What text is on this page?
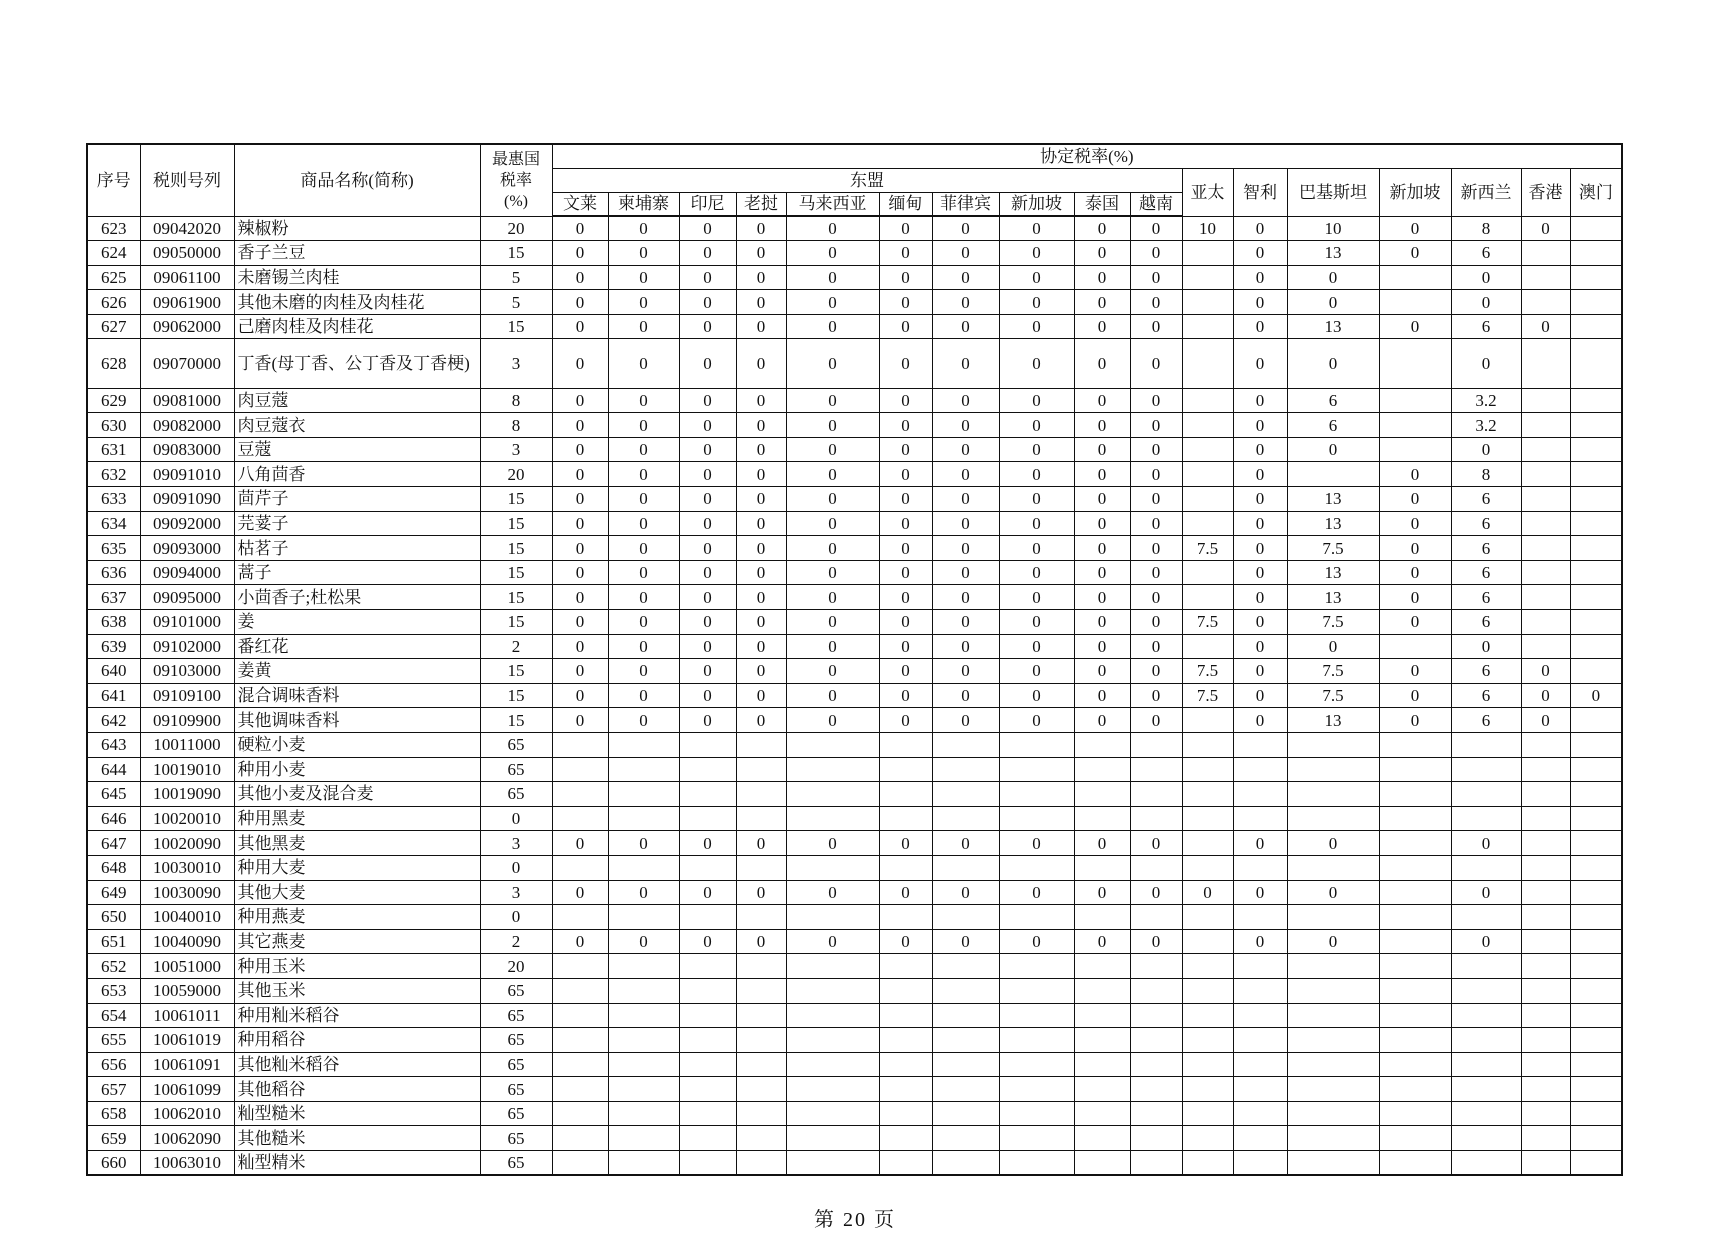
序号	税则号列	商品名称(简称)	最惠国
税率
(%)	协定税率(%)																
				东盟										亚太	智利	巴基斯坦	新加坡	新西兰	香港	澳门
				文莱	柬埔寨	印尼	老挝	马来西亚	缅甸	菲律宾	新加坡	泰国	越南							
623	09042020	辣椒粉	20	0	0	0	0	0	0	0	0	0	0	10	0	10	0	8	0	
624	09050000	香子兰豆	15	0	0	0	0	0	0	0	0	0	0		0	13	0	6		
625	09061100	未磨锡兰肉桂	5	0	0	0	0	0	0	0	0	0	0		0	0		0		
626	09061900	其他未磨的肉桂及肉桂花	5	0	0	0	0	0	0	0	0	0	0		0	0		0		
627	09062000	己磨肉桂及肉桂花	15	0	0	0	0	0	0	0	0	0	0		0	13	0	6	0	
628	09070000	丁香(母丁香、公丁香及丁香梗)	3	0	0	0	0	0	0	0	0	0	0		0	0		0		
629	09081000	肉豆蔻	8	0	0	0	0	0	0	0	0	0	0		0	6		3.2		
630	09082000	肉豆蔻衣	8	0	0	0	0	0	0	0	0	0	0		0	6		3.2		
631	09083000	豆蔻	3	0	0	0	0	0	0	0	0	0	0		0	0		0		
632	09091010	八角茴香	20	0	0	0	0	0	0	0	0	0	0		0		0	8		
633	09091090	茴芹子	15	0	0	0	0	0	0	0	0	0	0		0	13	0	6		
634	09092000	芫荽子	15	0	0	0	0	0	0	0	0	0	0		0	13	0	6		
635	09093000	枯茗子	15	0	0	0	0	0	0	0	0	0	0	7.5	0	7.5	0	6		
636	09094000	蒿子	15	0	0	0	0	0	0	0	0	0	0		0	13	0	6		
637	09095000	小茴香子;杜松果	15	0	0	0	0	0	0	0	0	0	0		0	13	0	6		
638	09101000	姜	15	0	0	0	0	0	0	0	0	0	0	7.5	0	7.5	0	6		
639	09102000	番红花	2	0	0	0	0	0	0	0	0	0	0		0	0		0		
640	09103000	姜黄	15	0	0	0	0	0	0	0	0	0	0	7.5	0	7.5	0	6	0	
641	09109100	混合调味香料	15	0	0	0	0	0	0	0	0	0	0	7.5	0	7.5	0	6	0	0
642	09109900	其他调味香料	15	0	0	0	0	0	0	0	0	0	0		0	13	0	6	0	
643	10011000	硬粒小麦	65																	
644	10019010	种用小麦	65																	
645	10019090	其他小麦及混合麦	65																	
646	10020010	种用黑麦	0																	
647	10020090	其他黑麦	3	0	0	0	0	0	0	0	0	0	0		0	0		0		
648	10030010	种用大麦	0																	
649	10030090	其他大麦	3	0	0	0	0	0	0	0	0	0	0	0	0	0		0		
650	10040010	种用燕麦	0																	
651	10040090	其它燕麦	2	0	0	0	0	0	0	0	0	0	0		0	0		0		
652	10051000	种用玉米	20																	
653	10059000	其他玉米	65																	
654	10061011	种用籼米稻谷	65																	
655	10061019	种用稻谷	65																	
656	10061091	其他籼米稻谷	65																	
657	10061099	其他稻谷	65																	
658	10062010	籼型糙米	65																	
659	10062090	其他糙米	65																	
660	10063010	籼型精米	65																	
第 20 页
